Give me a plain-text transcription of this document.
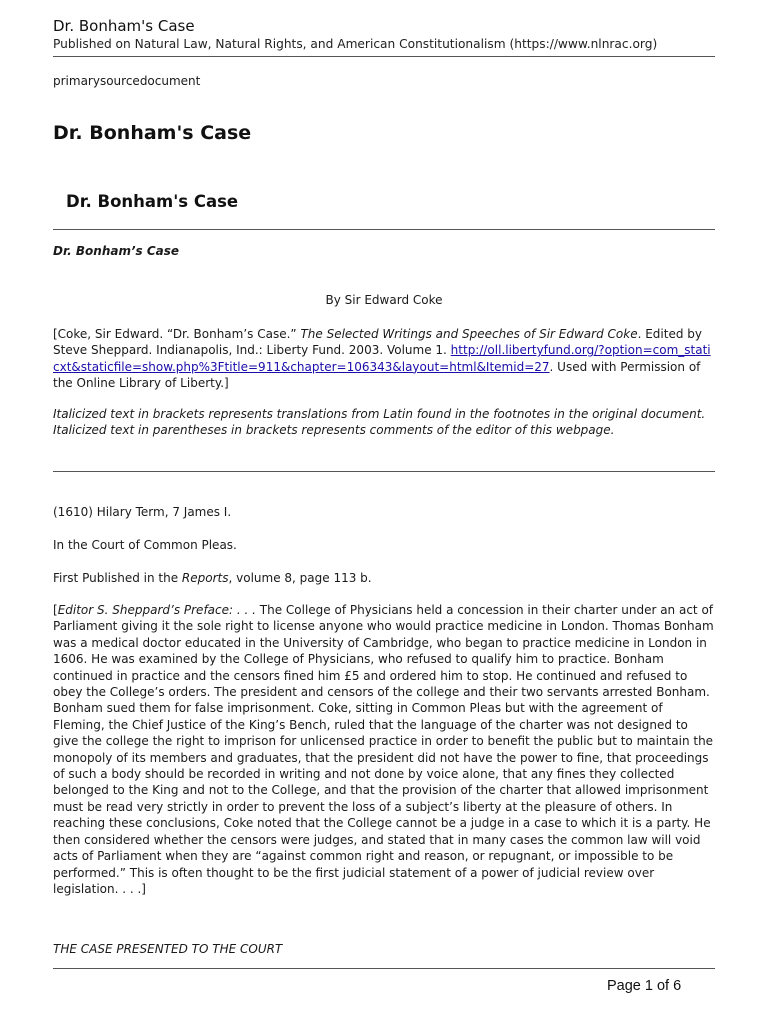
Dr. Bonham's Case
Published on Natural Law, Natural Rights, and American Constitutionalism (https://www.nlnrac.org)
primarysourcedocument
Dr. Bonham's Case
Dr. Bonham's Case
Dr. Bonham’s Case
By Sir Edward Coke
[Coke, Sir Edward. “Dr. Bonham’s Case.” The Selected Writings and Speeches of Sir Edward Coke. Edited by Steve Sheppard. Indianapolis, Ind.: Liberty Fund. 2003. Volume 1. http://oll.libertyfund.org/?option=com_staticxt&staticfile=show.php%3Ftitle=911&chapter=106343&layout=html&Itemid=27. Used with Permission of the Online Library of Liberty.]
Italicized text in brackets represents translations from Latin found in the footnotes in the original document. Italicized text in parentheses in brackets represents comments of the editor of this webpage.
(1610) Hilary Term, 7 James I.
In the Court of Common Pleas.
First Published in the Reports, volume 8, page 113 b.
[Editor S. Sheppard’s Preface: . . . The College of Physicians held a concession in their charter under an act of Parliament giving it the sole right to license anyone who would practice medicine in London. Thomas Bonham was a medical doctor educated in the University of Cambridge, who began to practice medicine in London in 1606. He was examined by the College of Physicians, who refused to qualify him to practice. Bonham continued in practice and the censors fined him £5 and ordered him to stop. He continued and refused to obey the College’s orders. The president and censors of the college and their two servants arrested Bonham. Bonham sued them for false imprisonment. Coke, sitting in Common Pleas but with the agreement of Fleming, the Chief Justice of the King’s Bench, ruled that the language of the charter was not designed to give the college the right to imprison for unlicensed practice in order to benefit the public but to maintain the monopoly of its members and graduates, that the president did not have the power to fine, that proceedings of such a body should be recorded in writing and not done by voice alone, that any fines they collected belonged to the King and not to the College, and that the provision of the charter that allowed imprisonment must be read very strictly in order to prevent the loss of a subject’s liberty at the pleasure of others. In reaching these conclusions, Coke noted that the College cannot be a judge in a case to which it is a party. He then considered whether the censors were judges, and stated that in many cases the common law will void acts of Parliament when they are “against common right and reason, or repugnant, or impossible to be performed.” This is often thought to be the first judicial statement of a power of judicial review over legislation. . . .]
THE CASE PRESENTED TO THE COURT
Page 1 of 6
